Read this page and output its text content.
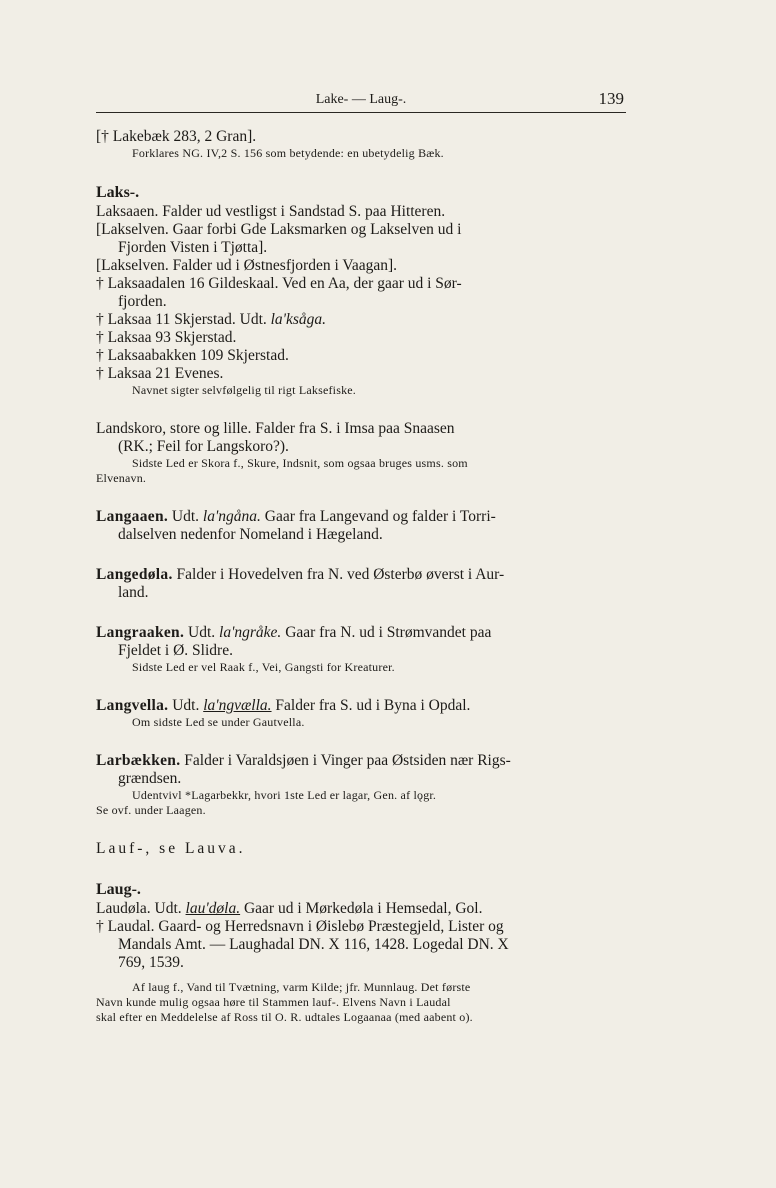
Lake- — Laug-.	139

[† Lakebæk 283, 2 Gran].

Forklares NG. IV,2 S. 156 som betydende: en ubetydelig Bæk.
Laks-.

Laksaaen. Falder ud vestligst i Sandstad S. paa Hitteren.

[Lakselven. Gaar forbi Gde Laksmarken og Lakselven ud i

Fjorden Visten i Tjøtta].

[Lakselven. Falder ud i Østnesfjorden i Vaagan].

† Laksaadalen 16 Gildeskaal. Ved en Aa, der gaar ud i Sør-

fjorden.

† Laksaa 11 Skjerstad. Udt. la'ksåga.

† Laksaa 93 Skjerstad.

† Laksaabakken 109 Skjerstad.

† Laksaa 21 Evenes.

Navnet sigter selvfølgelig til rigt Laksefiske.

Landskoro, store og lille. Falder fra S. i Imsa paa Snaasen

(RK.; Feil for Langskoro?).

Sidste Led er Skora f., Skure, Indsnit, som ogsaa bruges usms. som
Elvenavn.

Langaaen. Udt. la'ngåna. Gaar fra Langevand og falder i Torri-

dalselven nedenfor Nomeland i Hægeland.

Langedøla. Falder i Hovedelven fra N. ved Østerbø øverst i Aur-

land.

Langraaken. Udt. la'ngråke. Gaar fra N. ud i Strømvandet paa

Fjeldet i Ø. Slidre.

Sidste Led er vel Raak f., Vei, Gangsti for Kreaturer.

Langvella. Udt. la'ngvælla. Falder fra S. ud i Byna i Opdal.

Om sidste Led se under Gautvella.

Larbækken. Falder i Varaldsjøen i Vinger paa Østsiden nær Rigs-

grændsen.

Udentvivl *Lagarbekkr, hvori 1ste Led er lagar, Gen. af lǫgr.
Se ovf. under Laagen.

Lauf-, se Lauva.

Laug-.

Laudøla. Udt. lau'døla. Gaar ud i Mørkedøla i Hemsedal, Gol.

† Laudal. Gaard- og Herredsnavn i Øislebø Præstegjeld, Lister og

Mandals Amt. — Laughadal DN. X 116, 1428. Logedal DN. X

769, 1539.

Af laug f., Vand til Tvætning, varm Kilde; jfr. Munnlaug. Det første
Navn kunde mulig ogsaa høre til Stammen lauf-. Elvens Navn i Laudal
skal efter en Meddelelse af Ross til O. R. udtales Logaanaa (med aabent o).
